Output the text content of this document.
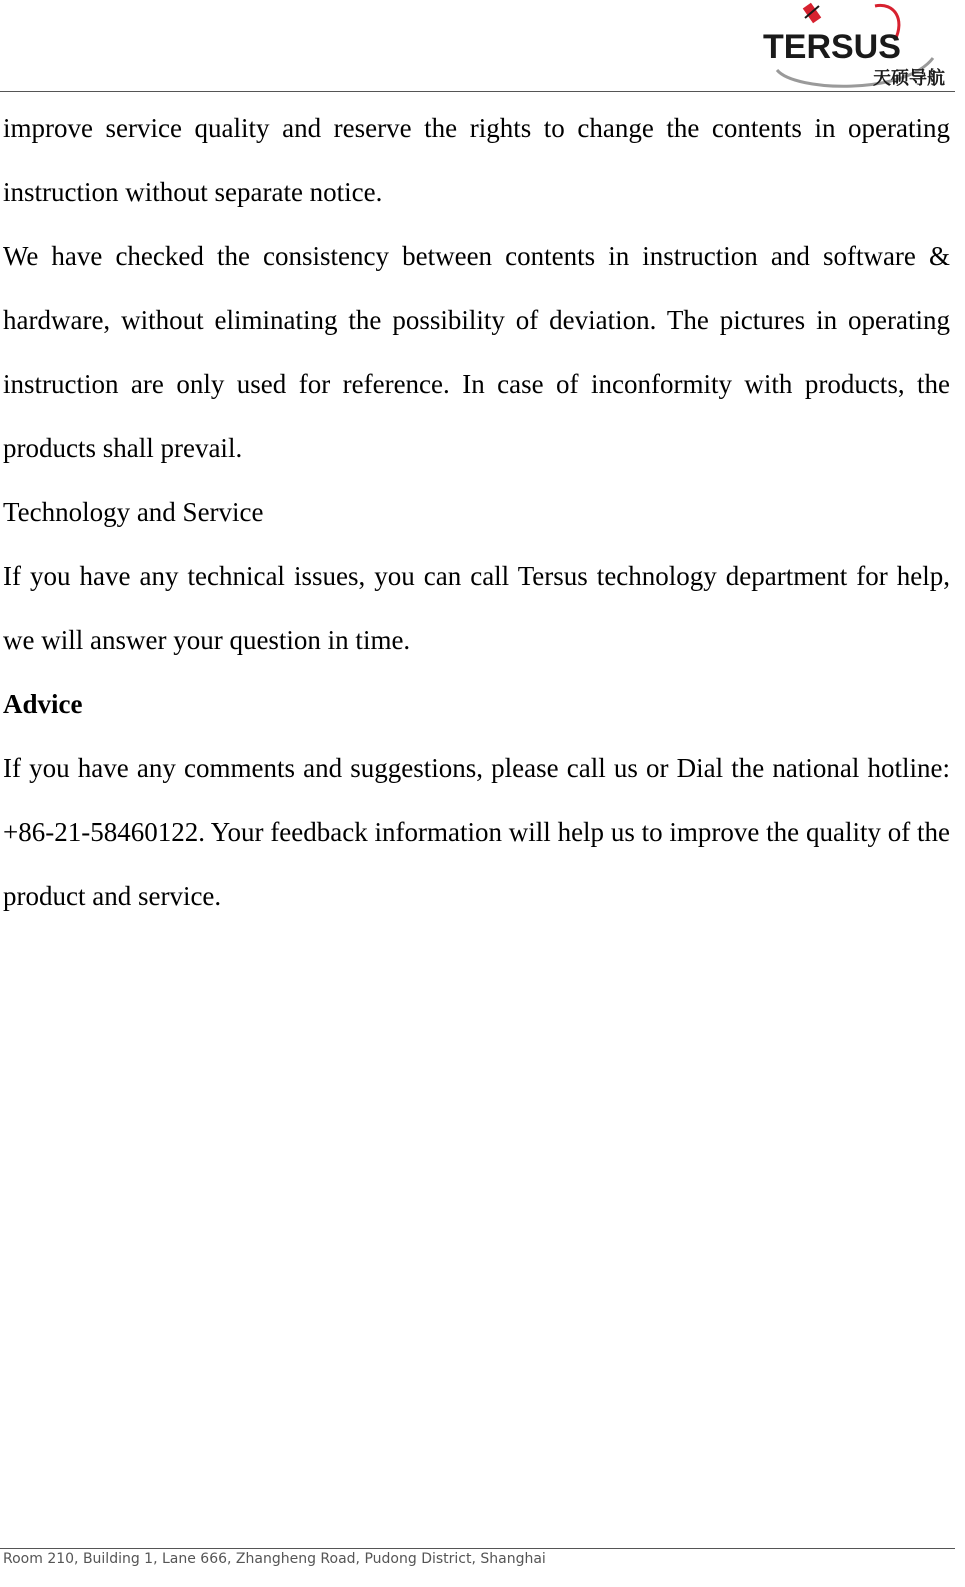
TERSUS
天硕导航

improve service quality and reserve the rights to change the contents in operating instruction without separate notice.

We have checked the consistency between contents in instruction and software & hardware, without eliminating the possibility of deviation. The pictures in operating instruction are only used for reference. In case of inconformity with products, the products shall prevail.

Technology and Service

If you have any technical issues, you can call Tersus technology department for help, we will answer your question in time.

Advice

If you have any comments and suggestions, please call us or Dial the national hotline: +86-21-58460122. Your feedback information will help us to improve the quality of the product and service.

Room 210, Building 1, Lane 666, Zhangheng Road, Pudong District, Shanghai
